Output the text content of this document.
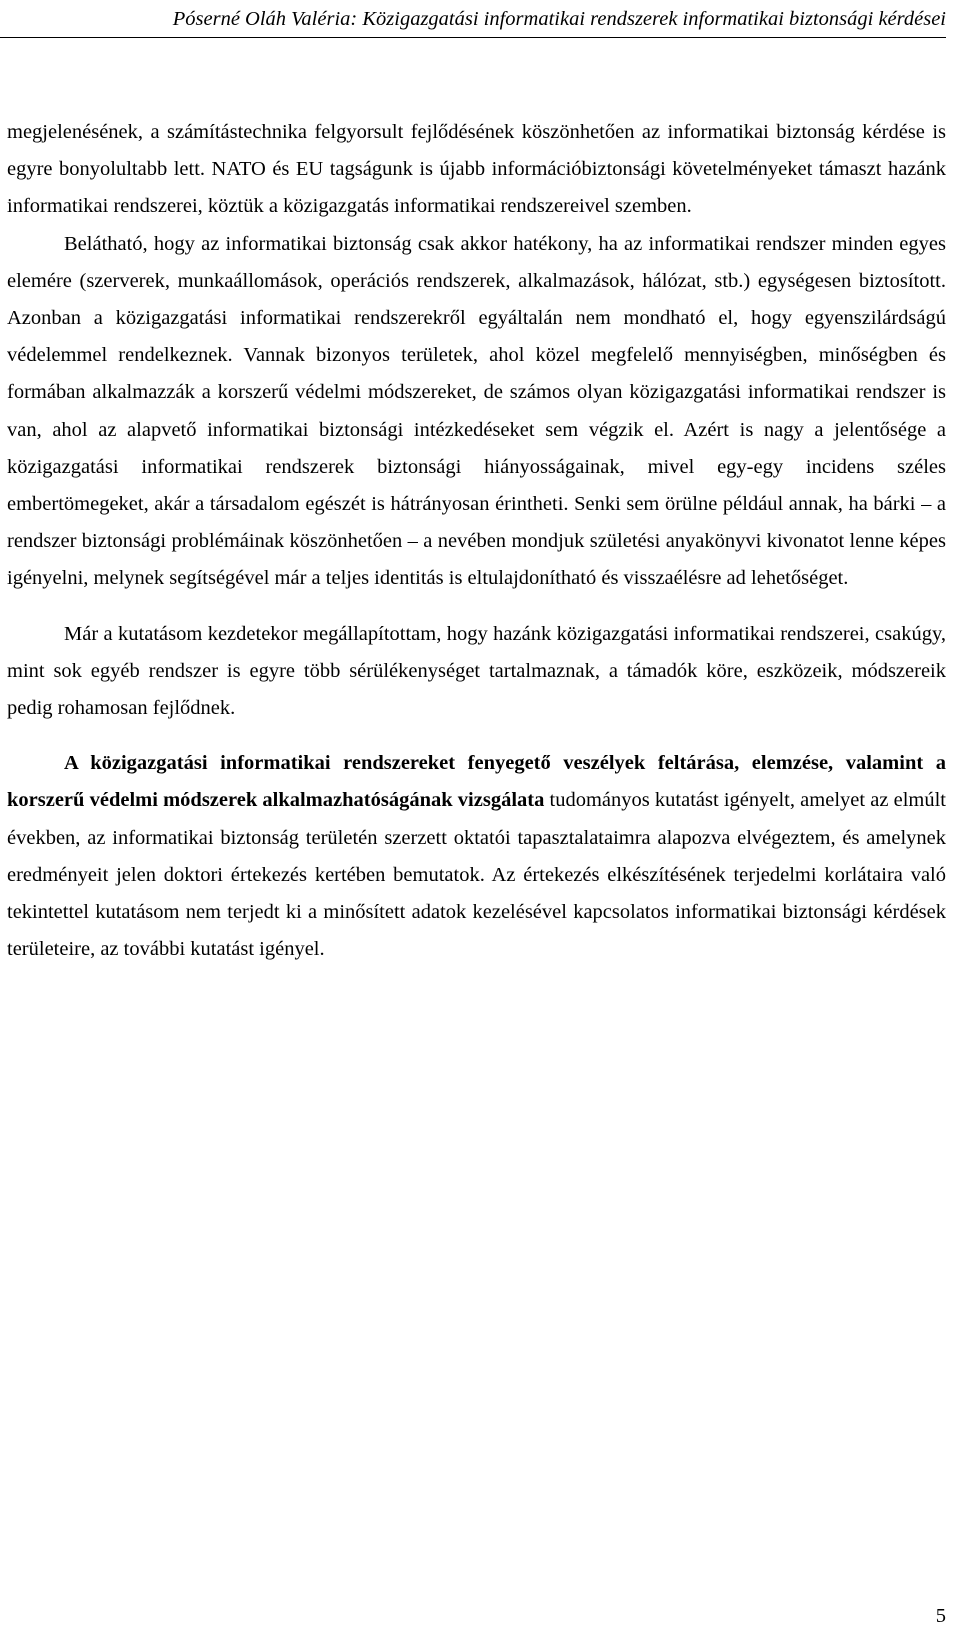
Póserné Oláh Valéria: Közigazgatási informatikai rendszerek informatikai biztonsági kérdései

megjelenésének, a számítástechnika felgyorsult fejlődésének köszönhetően az informatikai biztonság kérdése is egyre bonyolultabb lett. NATO és EU tagságunk is újabb információbiztonsági követelményeket támaszt hazánk informatikai rendszerei, köztük a közigazgatás informatikai rendszereivel szemben.

Belátható, hogy az informatikai biztonság csak akkor hatékony, ha az informatikai rendszer minden egyes elemére (szerverek, munkaállomások, operációs rendszerek, alkalmazások, hálózat, stb.) egységesen biztosított. Azonban a közigazgatási informatikai rendszerekről egyáltalán nem mondható el, hogy egyenszilárdságú védelemmel rendelkeznek. Vannak bizonyos területek, ahol közel megfelelő mennyiségben, minőségben és formában alkalmazzák a korszerű védelmi módszereket, de számos olyan közigazgatási informatikai rendszer is van, ahol az alapvető informatikai biztonsági intézkedéseket sem végzik el. Azért is nagy a jelentősége a közigazgatási informatikai rendszerek biztonsági hiányosságainak, mivel egy-egy incidens széles embertömegeket, akár a társadalom egészét is hátrányosan érintheti. Senki sem örülne például annak, ha bárki – a rendszer biztonsági problémáinak köszönhetően – a nevében mondjuk születési anyakönyvi kivonatot lenne képes igényelni, melynek segítségével már a teljes identitás is eltulajdonítható és visszaélésre ad lehetőséget.

Már a kutatásom kezdetekor megállapítottam, hogy hazánk közigazgatási informatikai rendszerei, csakúgy, mint sok egyéb rendszer is egyre több sérülékenységet tartalmaznak, a támadók köre, eszközeik, módszereik pedig rohamosan fejlődnek.

A közigazgatási informatikai rendszereket fenyegető veszélyek feltárása, elemzése, valamint a korszerű védelmi módszerek alkalmazhatóságának vizsgálata tudományos kutatást igényelt, amelyet az elmúlt években, az informatikai biztonság területén szerzett oktatói tapasztalataimra alapozva elvégeztem, és amelynek eredményeit jelen doktori értekezés kertében bemutatok. Az értekezés elkészítésének terjedelmi korlátaira való tekintettel kutatásom nem terjedt ki a minősített adatok kezelésével kapcsolatos informatikai biztonsági kérdések területeire, az további kutatást igényel.

5
